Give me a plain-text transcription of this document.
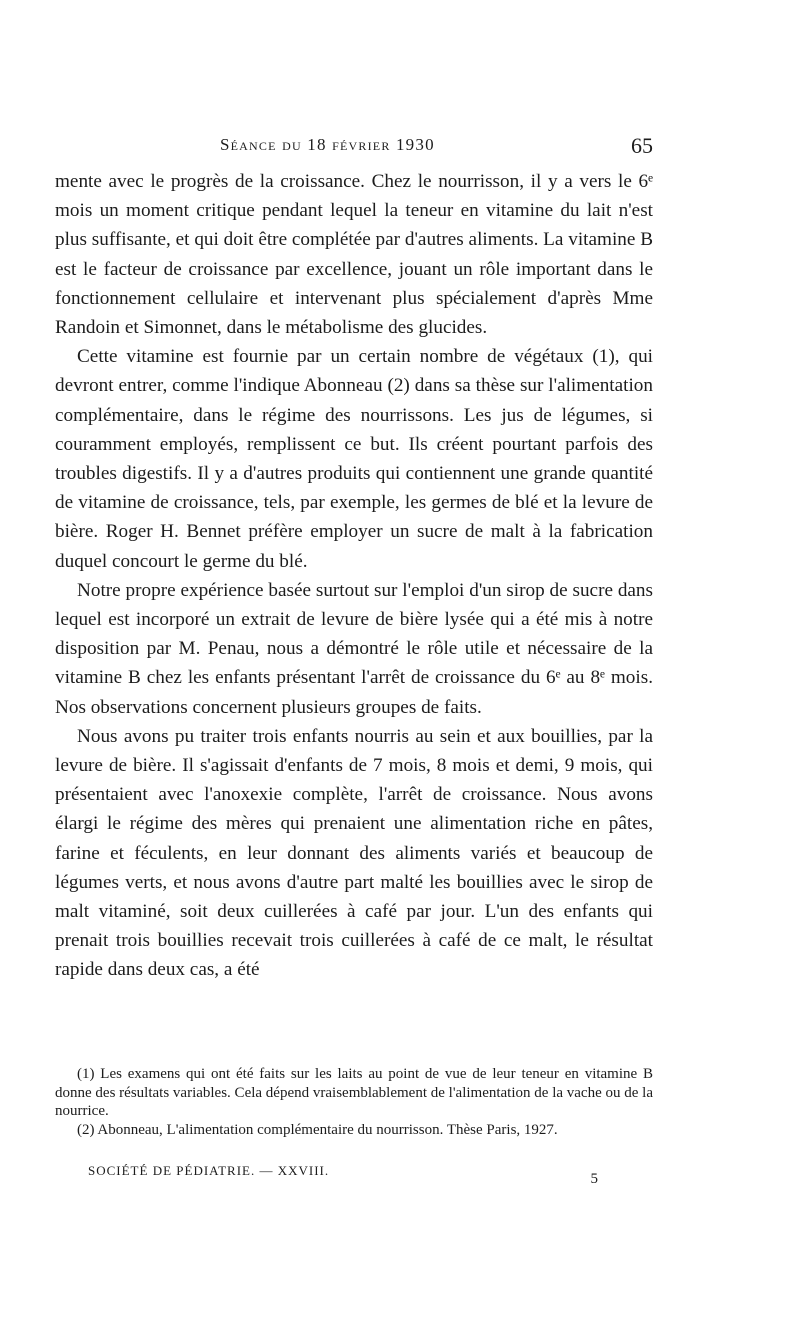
Séance du 18 février 1930	65

mente avec le progrès de la croissance. Chez le nourrisson, il y a vers le 6ᵉ mois un moment critique pendant lequel la teneur en vitamine du lait n'est plus suffisante, et qui doit être complétée par d'autres aliments. La vitamine B est le facteur de croissance par excellence, jouant un rôle important dans le fonctionnement cellulaire et intervenant plus spécialement d'après Mme Randoin et Simonnet, dans le métabolisme des glucides.

Cette vitamine est fournie par un certain nombre de végétaux (1), qui devront entrer, comme l'indique Abonneau (2) dans sa thèse sur l'alimentation complémentaire, dans le régime des nourrissons. Les jus de légumes, si couramment employés, remplissent ce but. Ils créent pourtant parfois des troubles digestifs. Il y a d'autres produits qui contiennent une grande quantité de vitamine de croissance, tels, par exemple, les germes de blé et la levure de bière. Roger H. Bennet préfère employer un sucre de malt à la fabrication duquel concourt le germe du blé.

Notre propre expérience basée surtout sur l'emploi d'un sirop de sucre dans lequel est incorporé un extrait de levure de bière lysée qui a été mis à notre disposition par M. Penau, nous a démontré le rôle utile et nécessaire de la vitamine B chez les enfants présentant l'arrêt de croissance du 6ᵉ au 8ᵉ mois. Nos observations concernent plusieurs groupes de faits.

Nous avons pu traiter trois enfants nourris au sein et aux bouillies, par la levure de bière. Il s'agissait d'enfants de 7 mois, 8 mois et demi, 9 mois, qui présentaient avec l'anoxexie complète, l'arrêt de croissance. Nous avons élargi le régime des mères qui prenaient une alimentation riche en pâtes, farine et féculents, en leur donnant des aliments variés et beaucoup de légumes verts, et nous avons d'autre part malté les bouillies avec le sirop de malt vitaminé, soit deux cuillerées à café par jour. L'un des enfants qui prenait trois bouillies recevait trois cuillerées à café de ce malt, le résultat rapide dans deux cas, a été

(1) Les examens qui ont été faits sur les laits au point de vue de leur teneur en vitamine B donne des résultats variables. Cela dépend vraisemblablement de l'alimentation de la vache ou de la nourrice.

(2) Abonneau, L'alimentation complémentaire du nourrisson. Thèse Paris, 1927.

SOCIÉTÉ DE PÉDIATRIE. — XXVIII.
5
